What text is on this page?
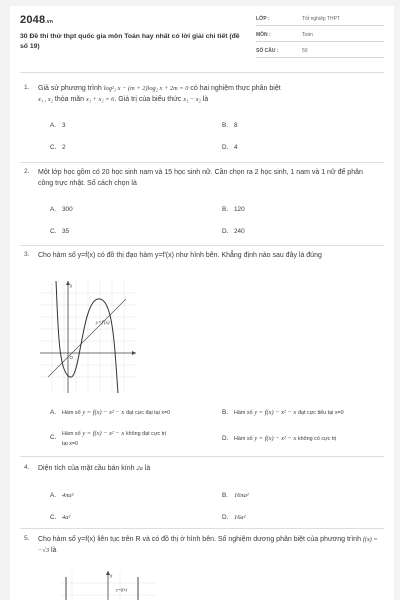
2048.vn
30 Đề thi thử thpt quốc gia môn Toán hay nhất có lời giải chi tiết (đề số 19)
LỚP :	Tốt nghiệp THPT
MÔN :	Toán
SỐ CÂU :	50
1. Giả sử phương trình log²₂ x − (m + 2)log₂ x + 2m = 0 có hai nghiệm thực phân biệt
x₁ , x₂ thỏa mãn x₁ + x₂ = 6. Giá trị của biểu thức x₁ − x₂ là
A. 3	B. 8
C. 2	D. 4
2. Một lớp học gồm có 20 học sinh nam và 15 học sinh nữ. Cần chọn ra 2 học sinh, 1 nam và 1 nữ để phân công trực nhật. Số cách chọn là
A. 300	B. 120
C. 35	D. 240
3. Cho hàm số y=f(x) có đồ thị đạo hàm y=f'(x) như hình bên. Khẳng định nào sau đây là đúng
y=f'(x)
O
y
A. Hàm số y = f(x) − x² − x đạt cực đại tại x=0	B. Hàm số y = f(x) − x² − x đạt cực tiểu tại x=0
C. Hàm số y = f(x) − x² − x không đạt cực trị
tại x=0
D. Hàm số y = f(x) − x² − x không có cực trị
4. Diện tích của mặt cầu bán kính 2a là
A. 4πa²	B. 16πa²
C. 4a²	D. 16a²
5. Cho hàm số y=f(x) liên tục trên R và có đồ thị ở hình bên. Số nghiệm dương phân biệt của phương trình f(x) = −√3 là
y=f(x)
y
